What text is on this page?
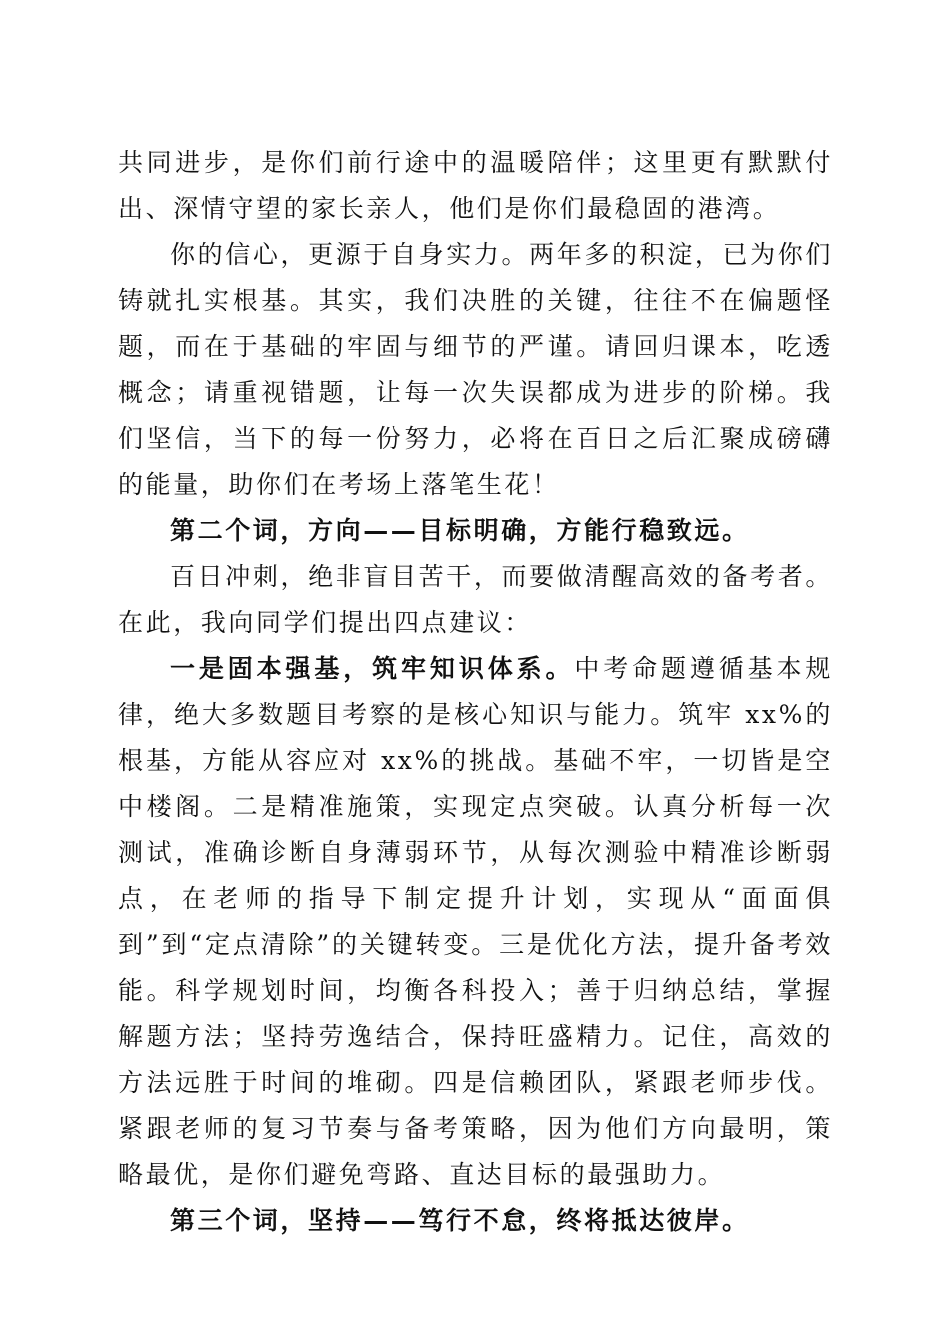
共同进步，是你们前行途中的温暖陪伴；这里更有默默付出、深情守望的家长亲人，他们是你们最稳固的港湾。

你的信心，更源于自身实力。两年多的积淀，已为你们铸就扎实根基。其实，我们决胜的关键，往往不在偏题怪题，而在于基础的牢固与细节的严谨。请回归课本，吃透概念；请重视错题，让每一次失误都成为进步的阶梯。我们坚信，当下的每一份努力，必将在百日之后汇聚成磅礴的能量，助你们在考场上落笔生花！

第二个词，方向——目标明确，方能行稳致远。

百日冲刺，绝非盲目苦干，而要做清醒高效的备考者。在此，我向同学们提出四点建议：

一是固本强基，筑牢知识体系。中考命题遵循基本规律，绝大多数题目考察的是核心知识与能力。筑牢 xx%的根基，方能从容应对 xx%的挑战。基础不牢，一切皆是空中楼阁。二是精准施策，实现定点突破。认真分析每一次测试，准确诊断自身薄弱环节，从每次测验中精准诊断弱点，在老师的指导下制定提升计划，实现从“面面俱到”到“定点清除”的关键转变。三是优化方法，提升备考效能。科学规划时间，均衡各科投入；善于归纳总结，掌握解题方法；坚持劳逸结合，保持旺盛精力。记住，高效的方法远胜于时间的堆砌。四是信赖团队，紧跟老师步伐。紧跟老师的复习节奏与备考策略，因为他们方向最明，策略最优，是你们避免弯路、直达目标的最强助力。

第三个词，坚持——笃行不怠，终将抵达彼岸。
